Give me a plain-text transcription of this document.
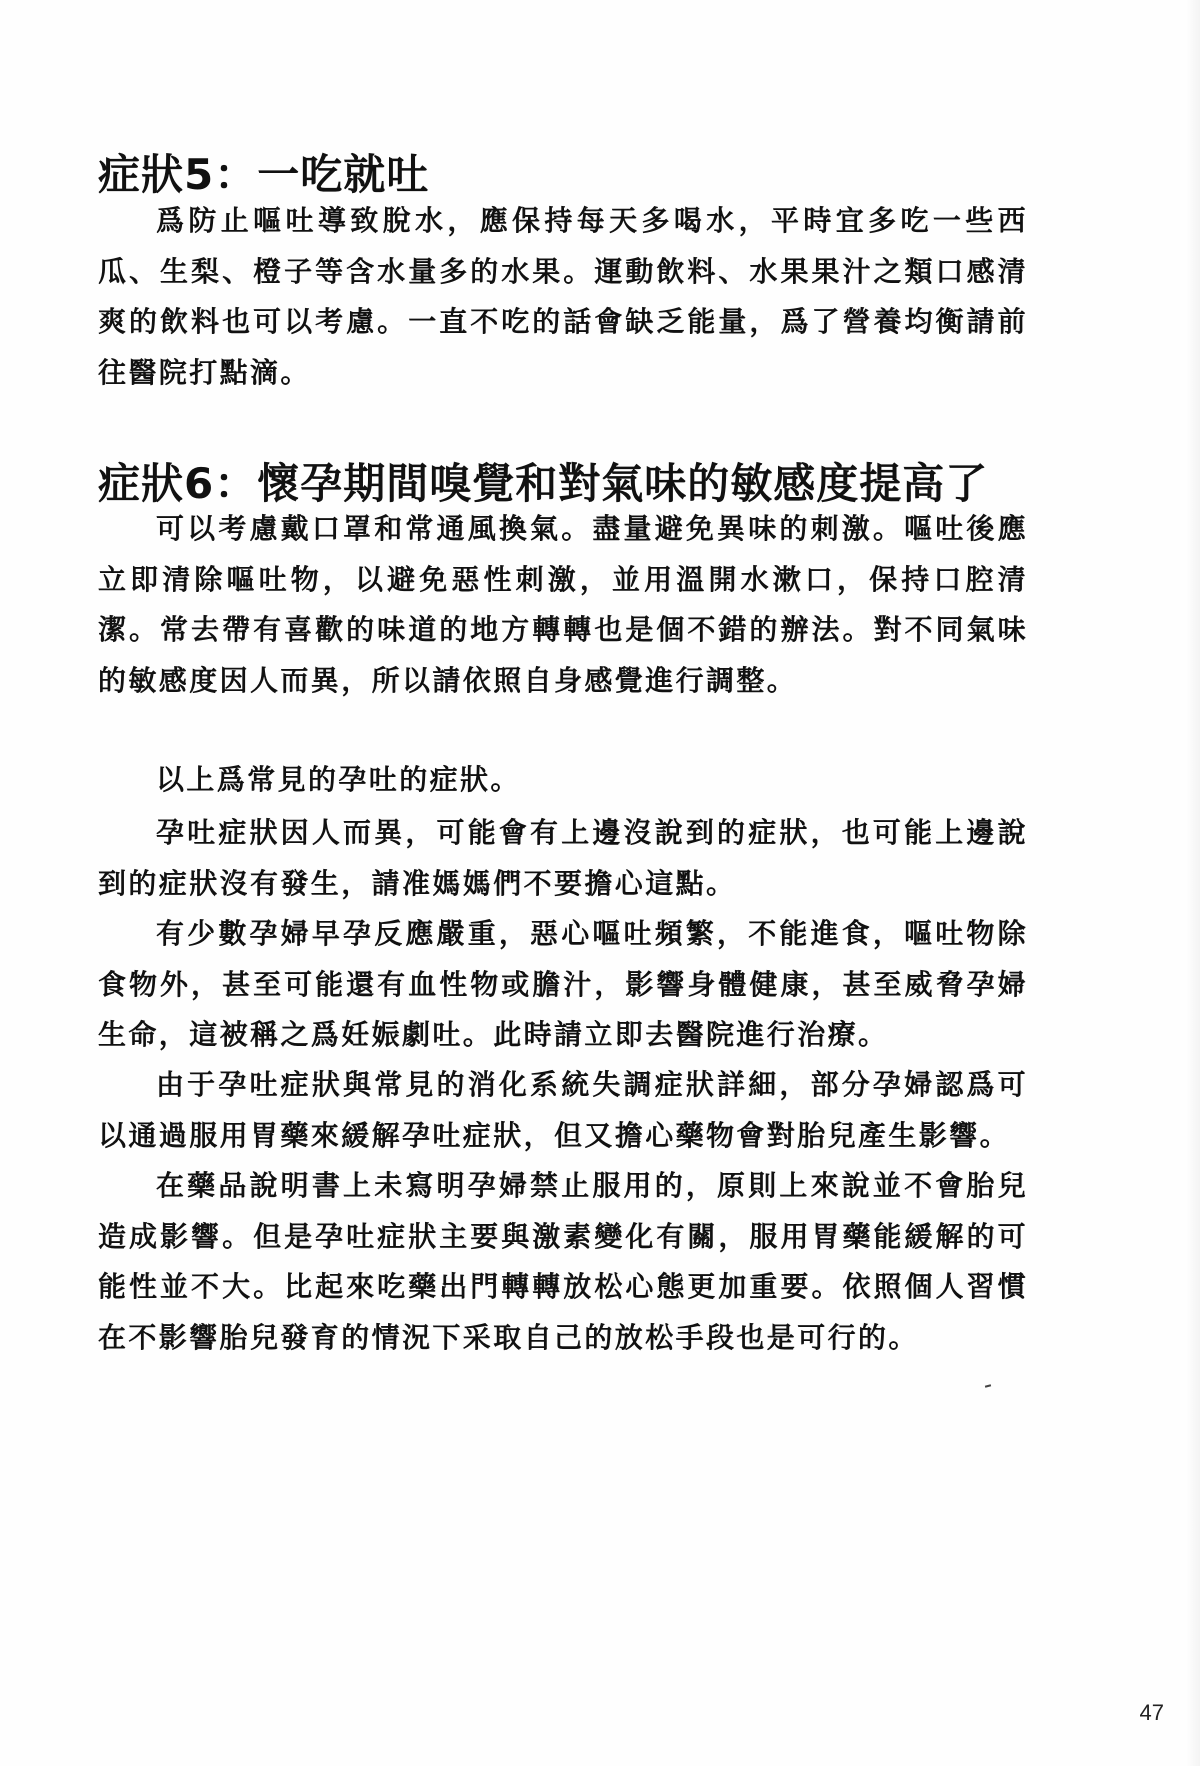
症狀5：一吃就吐

爲防止嘔吐導致脫水，應保持每天多喝水，平時宜多吃一些西瓜、生梨、橙子等含水量多的水果。運動飲料、水果果汁之類口感清爽的飲料也可以考慮。一直不吃的話會缺乏能量，爲了營養均衡請前往醫院打點滴。

症狀6：懷孕期間嗅覺和對氣味的敏感度提高了

可以考慮戴口罩和常通風換氣。盡量避免異味的刺激。嘔吐後應立即清除嘔吐物，以避免惡性刺激，並用溫開水漱口，保持口腔清潔。常去帶有喜歡的味道的地方轉轉也是個不錯的辦法。對不同氣味的敏感度因人而異，所以請依照自身感覺進行調整。

以上爲常見的孕吐的症狀。

孕吐症狀因人而異，可能會有上邊沒說到的症狀，也可能上邊說到的症狀沒有發生，請准媽媽們不要擔心這點。

有少數孕婦早孕反應嚴重，惡心嘔吐頻繁，不能進食，嘔吐物除食物外，甚至可能還有血性物或膽汁，影響身體健康，甚至威脅孕婦生命，這被稱之爲妊娠劇吐。此時請立即去醫院進行治療。

由于孕吐症狀與常見的消化系統失調症狀詳細，部分孕婦認爲可以通過服用胃藥來緩解孕吐症狀，但又擔心藥物會對胎兒產生影響。

在藥品說明書上未寫明孕婦禁止服用的，原則上來說並不會胎兒造成影響。但是孕吐症狀主要與激素變化有關，服用胃藥能緩解的可能性並不大。比起來吃藥出門轉轉放松心態更加重要。依照個人習慣在不影響胎兒發育的情況下采取自己的放松手段也是可行的。

47
